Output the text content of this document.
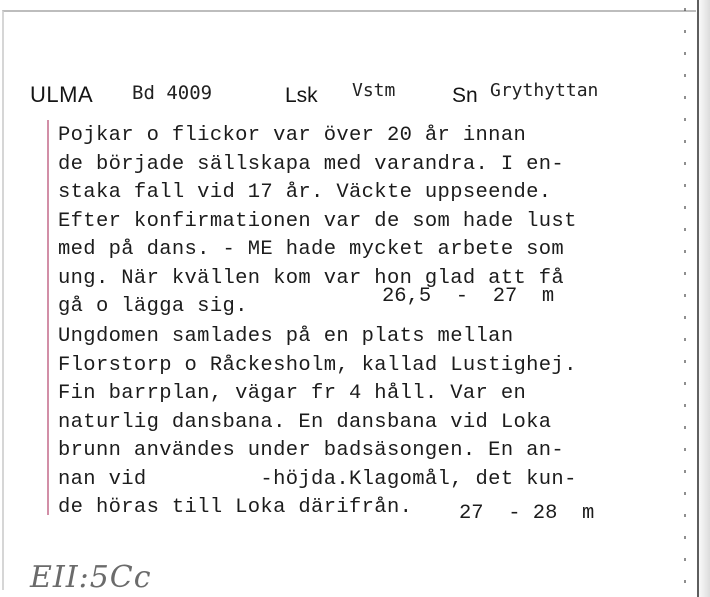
ULMA Bd 4009	Lsk Vstm	Sn Grythyttan
Pojkar o flickor var över 20 år innan
de började sällskapa med varandra. I en-
staka fall vid 17 år. Väckte uppseende.
Efter konfirmationen var de som hade lust
med på dans. - ME hade mycket arbete som
ung. När kvällen kom var hon glad att få
gå o lägga sig.	26,5  -  27  m
Ungdomen samlades på en plats mellan
Florstorp o Råckesholm, kallad Lustighej.
Fin barrplan, vägar fr 4 håll. Var en
naturlig dansbana. En dansbana vid Loka
brunn användes under badsäsongen. En an-
nan vid         -höjda.Klagomål, det kun-
de höras till Loka därifrån.	27  - 28  m
EII:5Cc
